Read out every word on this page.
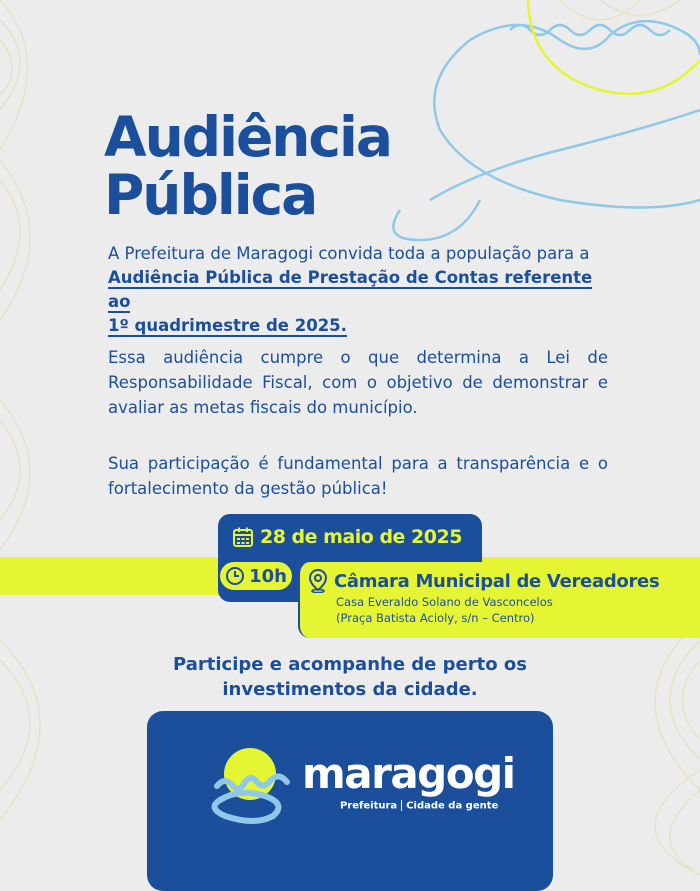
Audiência
Pública

A Prefeitura de Maragogi convida toda a população para a

Audiência Pública de Prestação de Contas referente ao

1º quadrimestre de 2025.

Essa audiência cumpre o que determina a Lei de Responsabilidade Fiscal, com o objetivo de demonstrar e avaliar as metas fiscais do município.

Sua participação é fundamental para a transparência e o fortalecimento da gestão pública!

28 de maio de 2025
10h	Câmara Municipal de Vereadores
Casa Everaldo Solano de Vasconcelos
(Praça Batista Acioly, s/n – Centro)

Participe e acompanhe de perto os
investimentos da cidade.

maragogi
Prefeitura Cidade da gente
